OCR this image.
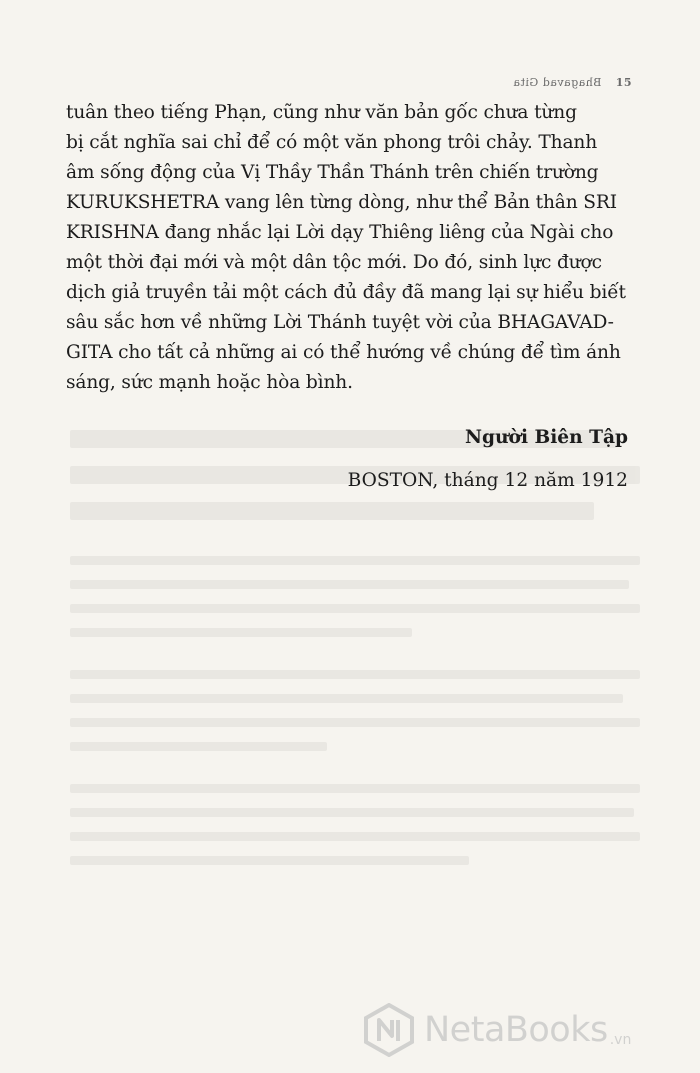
Bhagavad Gita 15

tuân theo tiếng Phạn, cũng như văn bản gốc chưa từng
bị cắt nghĩa sai chỉ để có một văn phong trôi chảy. Thanh
âm sống động của Vị Thầy Thần Thánh trên chiến trường
KURUKSHETRA vang lên từng dòng, như thể Bản thân SRI
KRISHNA đang nhắc lại Lời dạy Thiêng liêng của Ngài cho
một thời đại mới và một dân tộc mới. Do đó, sinh lực được
dịch giả truyền tải một cách đủ đầy đã mang lại sự hiểu biết
sâu sắc hơn về những Lời Thánh tuyệt vời của BHAGAVAD-
GITA cho tất cả những ai có thể hướng về chúng để tìm ánh
sáng, sức mạnh hoặc hòa bình.

Người Biên Tập
BOSTON, tháng 12 năm 1912
NetaBooks .vn
